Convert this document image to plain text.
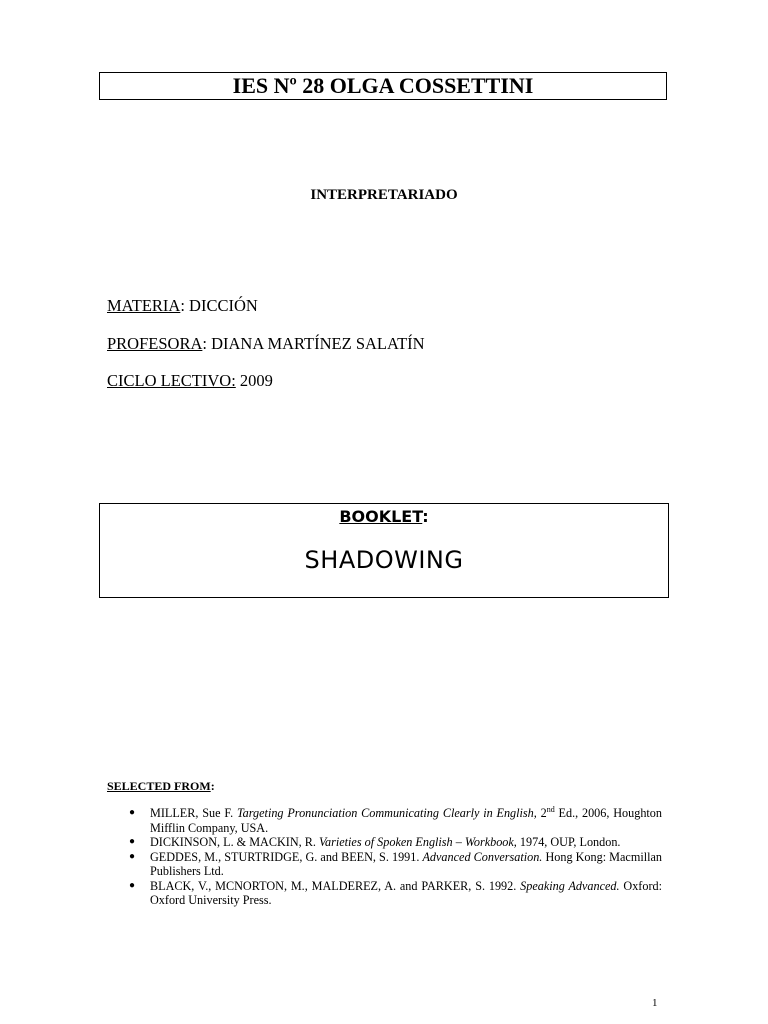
IES Nº 28 OLGA COSSETTINI
INTERPRETARIADO
MATERIA: DICCIÓN
PROFESORA: DIANA MARTÍNEZ SALATÍN
CICLO LECTIVO: 2009
BOOKLET:
SHADOWING
SELECTED FROM:
● MILLER, Sue F. Targeting Pronunciation Communicating Clearly in English, 2nd Ed., 2006, Houghton Mifflin Company, USA.
● DICKINSON, L. & MACKIN, R. Varieties of Spoken English – Workbook, 1974, OUP, London.
● GEDDES, M., STURTRIDGE, G. and BEEN, S. 1991. Advanced Conversation. Hong Kong: Macmillan Publishers Ltd.
● BLACK, V., MCNORTON, M., MALDEREZ, A. and PARKER, S. 1992. Speaking Advanced. Oxford: Oxford University Press.
1
